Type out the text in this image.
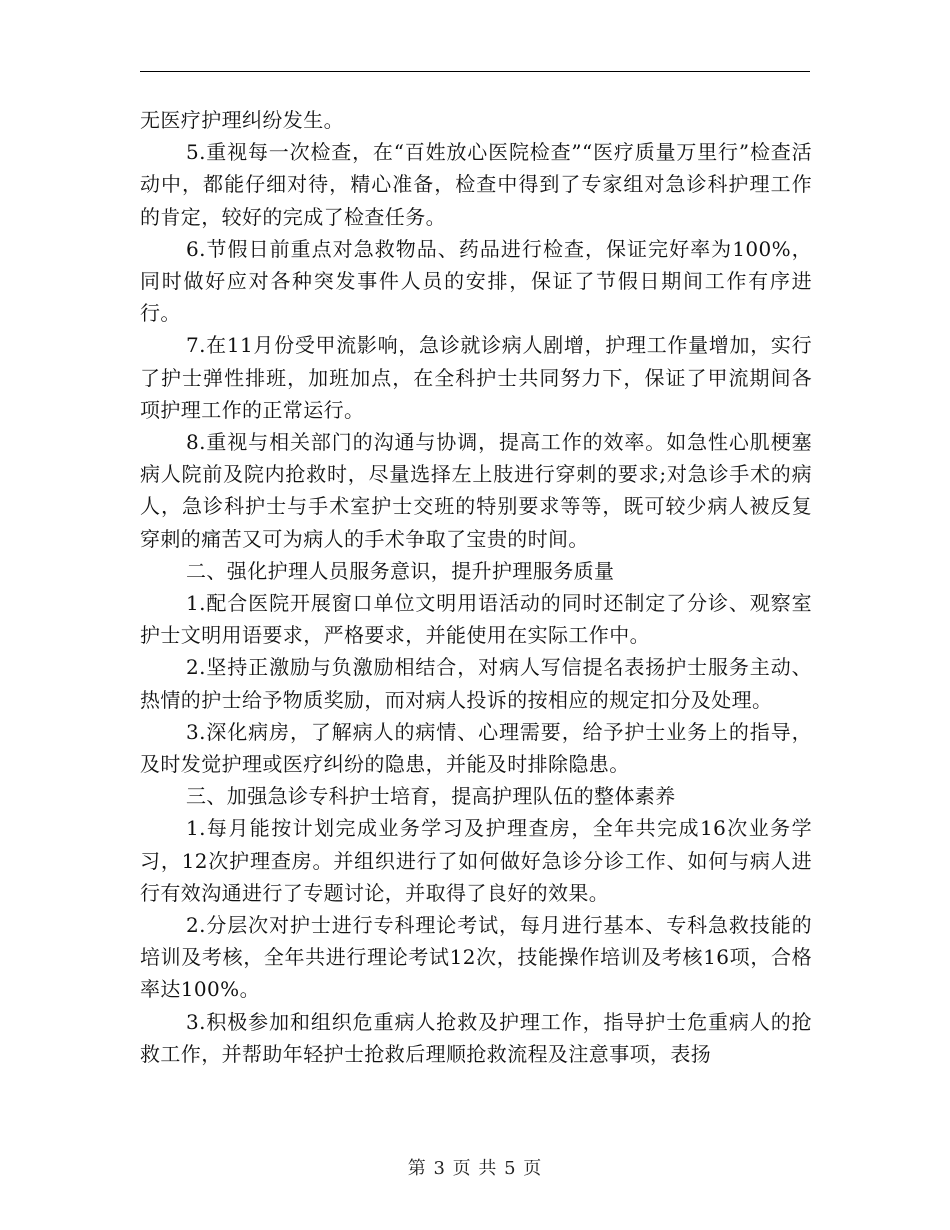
无医疗护理纠纷发生。

5.重视每一次检查，在“百姓放心医院检查”“医疗质量万里行”检查活动中，都能仔细对待，精心准备，检查中得到了专家组对急诊科护理工作的肯定，较好的完成了检查任务。

6.节假日前重点对急救物品、药品进行检查，保证完好率为100%，同时做好应对各种突发事件人员的安排，保证了节假日期间工作有序进行。

7.在11月份受甲流影响，急诊就诊病人剧增，护理工作量增加，实行了护士弹性排班，加班加点，在全科护士共同努力下，保证了甲流期间各项护理工作的正常运行。

8.重视与相关部门的沟通与协调，提高工作的效率。如急性心肌梗塞病人院前及院内抢救时，尽量选择左上肢进行穿刺的要求;对急诊手术的病人，急诊科护士与手术室护士交班的特别要求等等，既可较少病人被反复穿刺的痛苦又可为病人的手术争取了宝贵的时间。

二、强化护理人员服务意识，提升护理服务质量

1.配合医院开展窗口单位文明用语活动的同时还制定了分诊、观察室护士文明用语要求，严格要求，并能使用在实际工作中。

2.坚持正激励与负激励相结合，对病人写信提名表扬护士服务主动、热情的护士给予物质奖励，而对病人投诉的按相应的规定扣分及处理。

3.深化病房，了解病人的病情、心理需要，给予护士业务上的指导，及时发觉护理或医疗纠纷的隐患，并能及时排除隐患。

三、加强急诊专科护士培育，提高护理队伍的整体素养

1.每月能按计划完成业务学习及护理查房，全年共完成16次业务学习，12次护理查房。并组织进行了如何做好急诊分诊工作、如何与病人进行有效沟通进行了专题讨论，并取得了良好的效果。

2.分层次对护士进行专科理论考试，每月进行基本、专科急救技能的培训及考核，全年共进行理论考试12次，技能操作培训及考核16项，合格率达100%。

3.积极参加和组织危重病人抢救及护理工作，指导护士危重病人的抢救工作，并帮助年轻护士抢救后理顺抢救流程及注意事项，表扬

第 3 页 共 5 页
